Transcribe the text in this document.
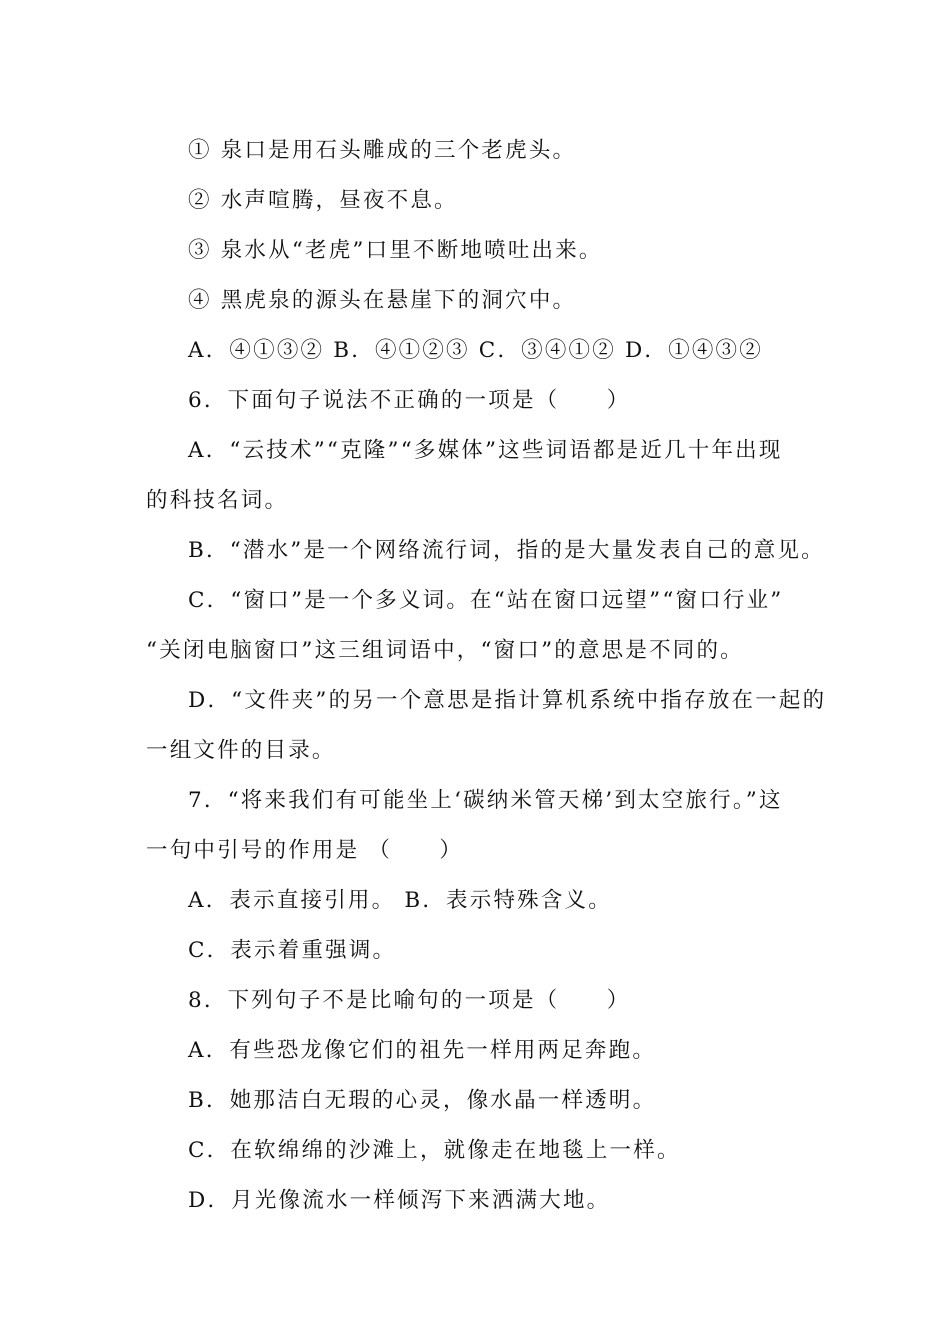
① 泉口是用石头雕成的三个老虎头。
② 水声喧腾，昼夜不息。
③ 泉水从“老虎”口里不断地喷吐出来。
④ 黑虎泉的源头在悬崖下的洞穴中。
A．④①③② B．④①②③ C．③④①② D．①④③②
6．下面句子说法不正确的一项是（　　）
A．“云技术”“克隆”“多媒体”这些词语都是近几十年出现
的科技名词。
B．“潜水”是一个网络流行词，指的是大量发表自己的意见。
C．“窗口”是一个多义词。在“站在窗口远望”“窗口行业”
“关闭电脑窗口”这三组词语中，“窗口”的意思是不同的。
D．“文件夹”的另一个意思是指计算机系统中指存放在一起的
一组文件的目录。
7．“将来我们有可能坐上‘碳纳米管天梯’到太空旅行。”这
一句中引号的作用是 （　　）
A．表示直接引用。 B．表示特殊含义。
C．表示着重强调。
8．下列句子不是比喻句的一项是（　　）
A．有些恐龙像它们的祖先一样用两足奔跑。
B．她那洁白无瑕的心灵，像水晶一样透明。
C．在软绵绵的沙滩上，就像走在地毯上一样。
D．月光像流水一样倾泻下来洒满大地。
